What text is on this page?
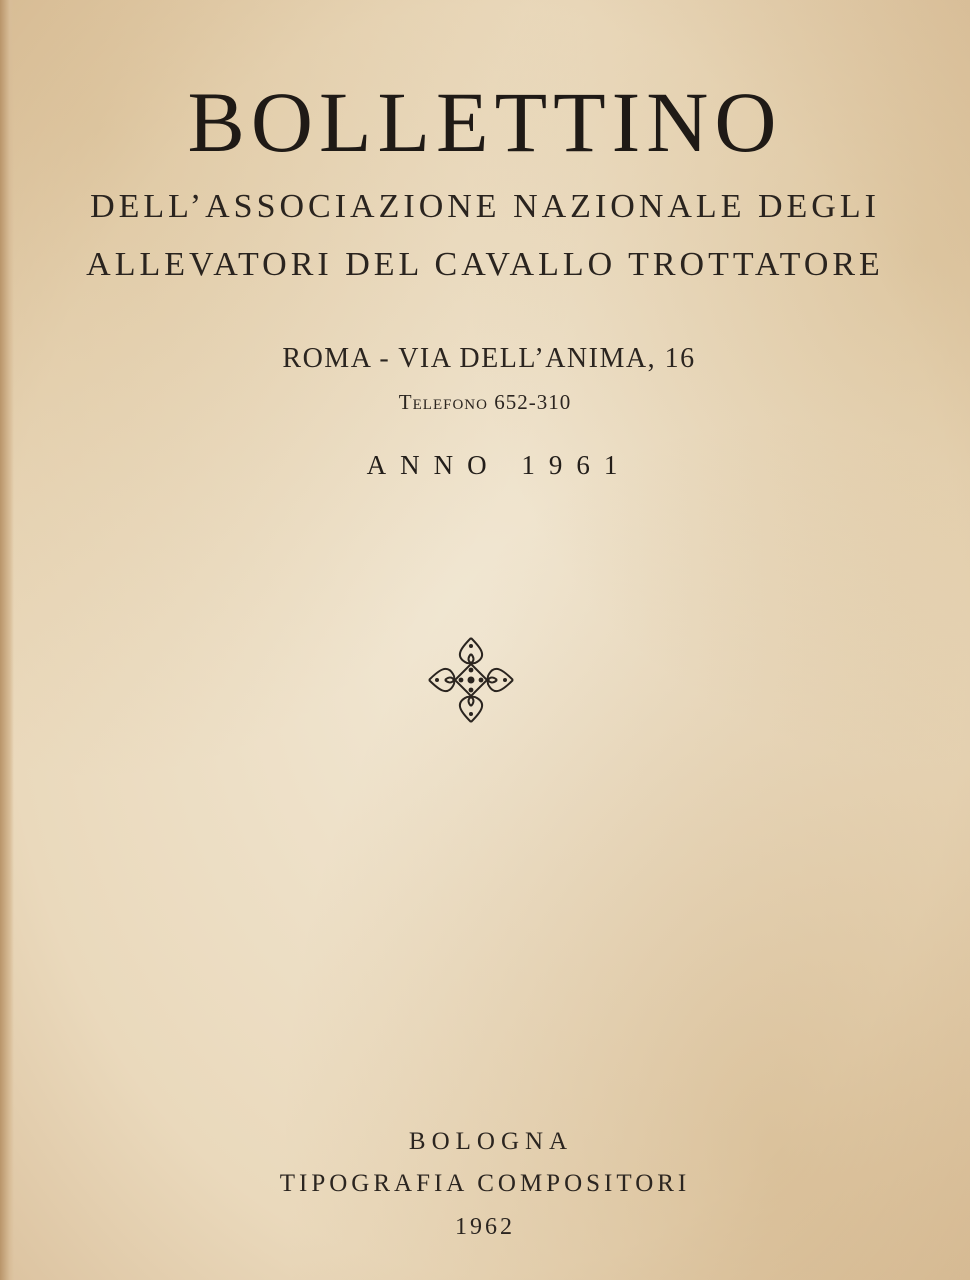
BOLLETTINO
DELL’ASSOCIAZIONE NAZIONALE DEGLI
ALLEVATORI DEL CAVALLO TROTTATORE
ROMA - VIA DELL’ANIMA, 16
Telefono 652-310
ANNO 1961
BOLOGNA
TIPOGRAFIA COMPOSITORI
1962
